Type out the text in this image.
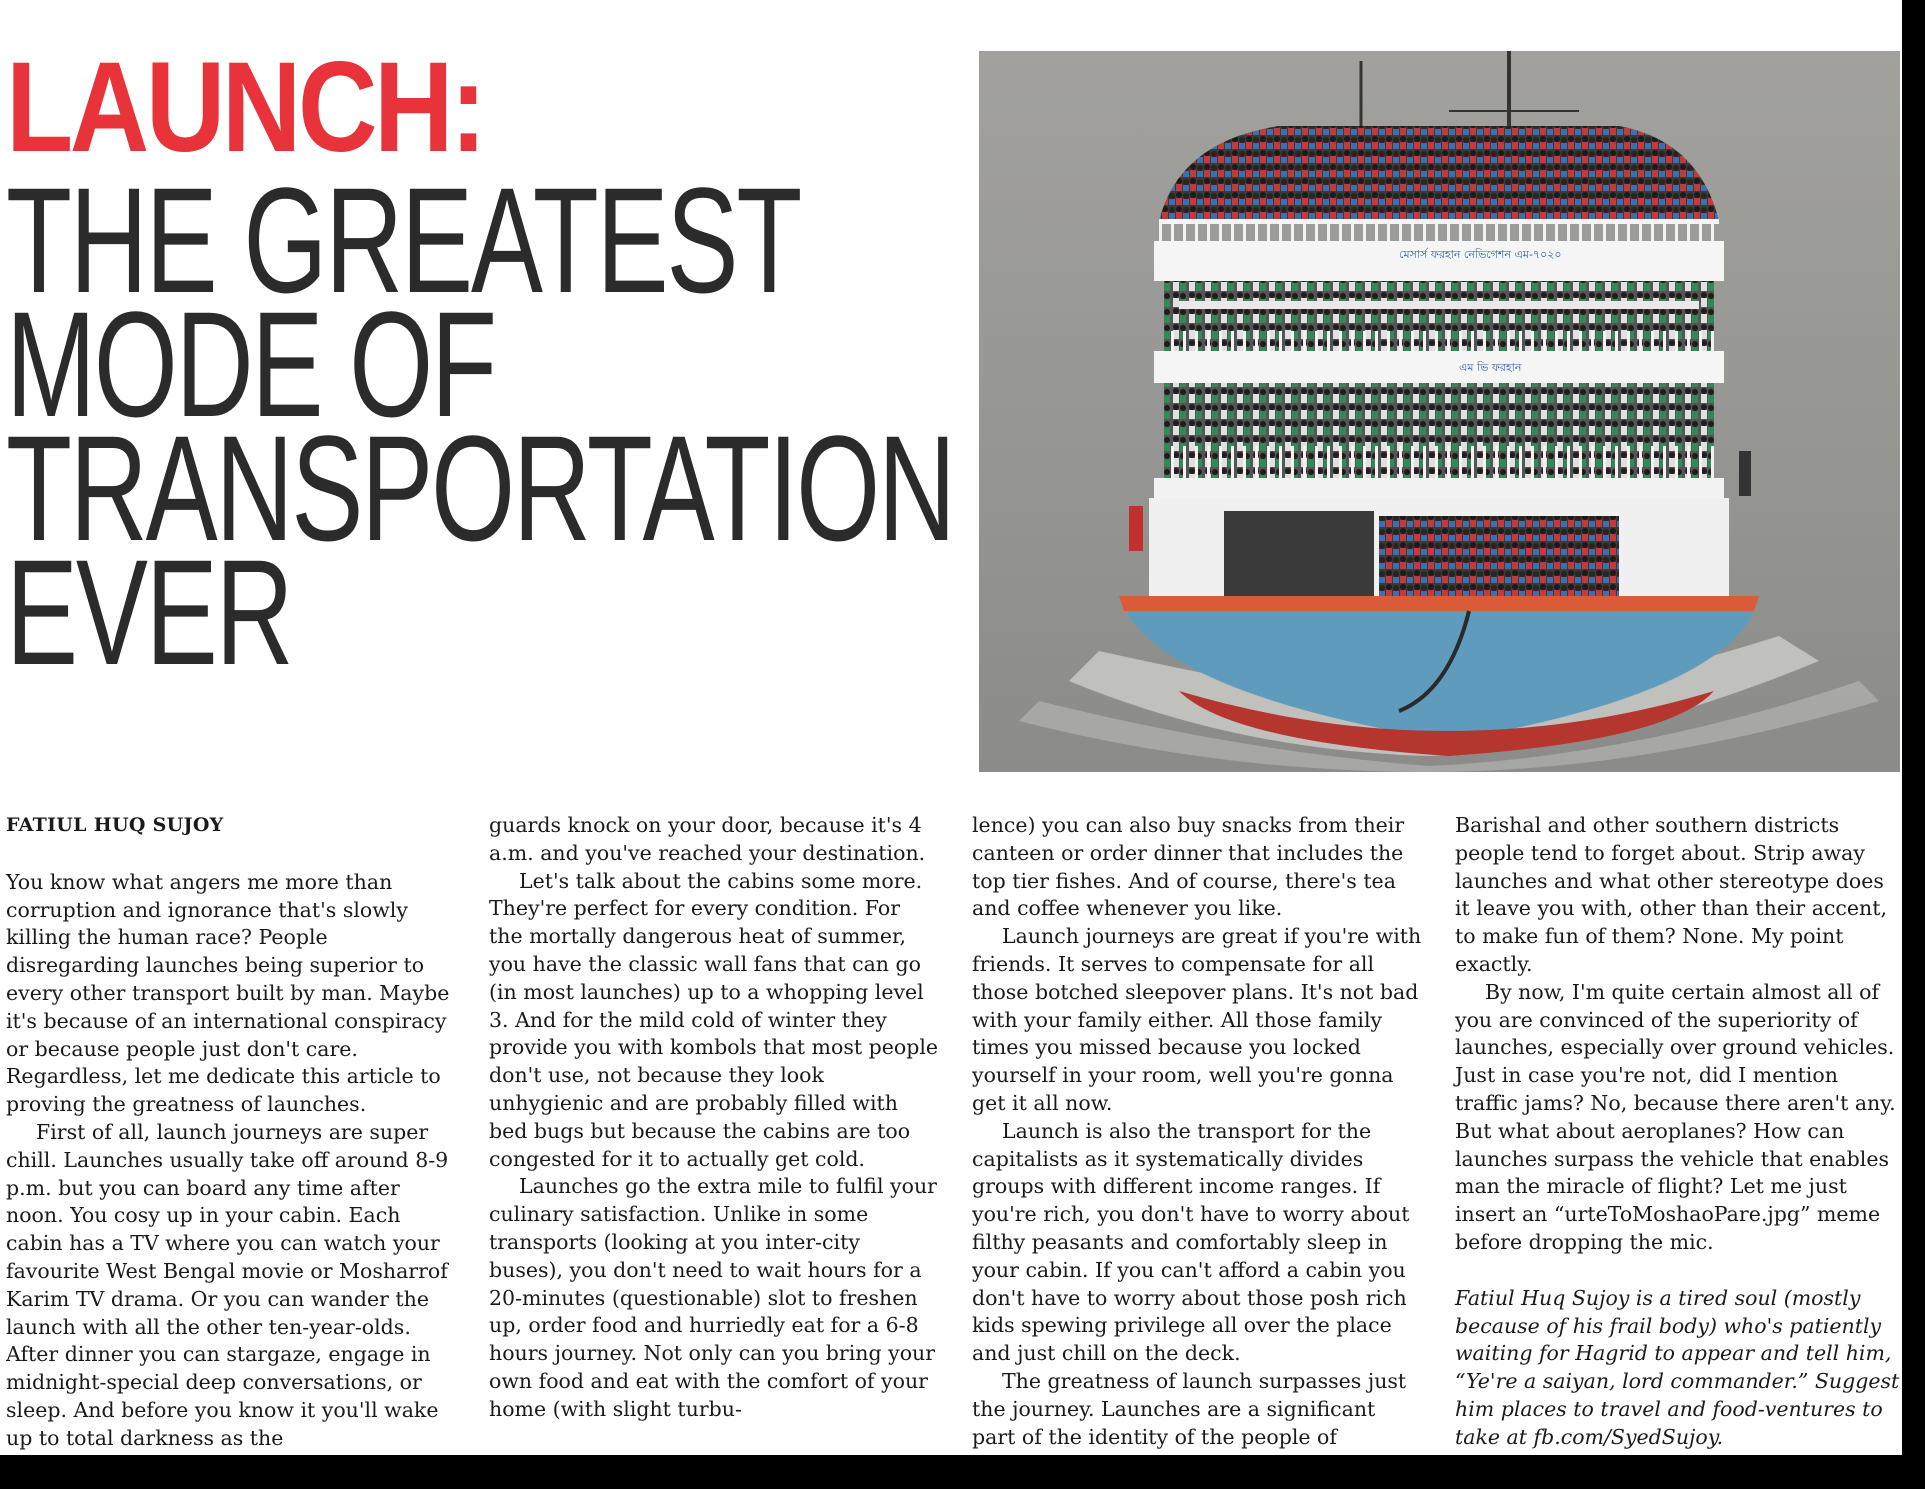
LAUNCH:
THE GREATEST
MODE OF
TRANSPORTATION
EVER
মেসার্স ফরহান নেভিগেশন এম-৭০২০
এম ভি ফরহান

FATIUL HUQ SUJOY

You know what angers me more than corruption and ignorance that's slowly killing the human race? People disregarding launches being superior to every other transport built by man. Maybe it's because of an international conspiracy or because people just don't care. Regardless, let me dedicate this article to proving the greatness of launches.

First of all, launch journeys are super chill. Launches usually take off around 8-9 p.m. but you can board any time after noon. You cosy up in your cabin. Each cabin has a TV where you can watch your favourite West Bengal movie or Mosharrof Karim TV drama. Or you can wander the launch with all the other ten-year-olds. After dinner you can stargaze, engage in midnight-special deep conversations, or sleep. And before you know it you'll wake up to total darkness as the

guards knock on your door, because it's 4 a.m. and you've reached your destination.

Let's talk about the cabins some more. They're perfect for every condition. For the mortally dangerous heat of summer, you have the classic wall fans that can go (in most launches) up to a whopping level 3. And for the mild cold of winter they provide you with kombols that most people don't use, not because they look unhygienic and are probably filled with bed bugs but because the cabins are too congested for it to actually get cold.

Launches go the extra mile to fulfil your culinary satisfaction. Unlike in some transports (looking at you inter-city buses), you don't need to wait hours for a 20-minutes (questionable) slot to freshen up, order food and hurriedly eat for a 6-8 hours journey. Not only can you bring your own food and eat with the comfort of your home (with slight turbu-

lence) you can also buy snacks from their canteen or order dinner that includes the top tier fishes. And of course, there's tea and coffee whenever you like.

Launch journeys are great if you're with friends. It serves to compensate for all those botched sleepover plans. It's not bad with your family either. All those family times you missed because you locked yourself in your room, well you're gonna get it all now.

Launch is also the transport for the capitalists as it systematically divides groups with different income ranges. If you're rich, you don't have to worry about filthy peasants and comfortably sleep in your cabin. If you can't afford a cabin you don't have to worry about those posh rich kids spewing privilege all over the place and just chill on the deck.

The greatness of launch surpasses just the journey. Launches are a significant part of the identity of the people of

Barishal and other southern districts people tend to forget about. Strip away launches and what other stereotype does it leave you with, other than their accent, to make fun of them? None. My point exactly.

By now, I'm quite certain almost all of you are convinced of the superiority of launches, especially over ground vehicles. Just in case you're not, did I mention traffic jams? No, because there aren't any. But what about aeroplanes? How can launches surpass the vehicle that enables man the miracle of flight? Let me just insert an “urteToMoshaoPare.jpg” meme before dropping the mic.

Fatiul Huq Sujoy is a tired soul (mostly because of his frail body) who's patiently waiting for Hagrid to appear and tell him, “Ye're a saiyan, lord commander.” Suggest him places to travel and food-ventures to take at fb.com/SyedSujoy.
